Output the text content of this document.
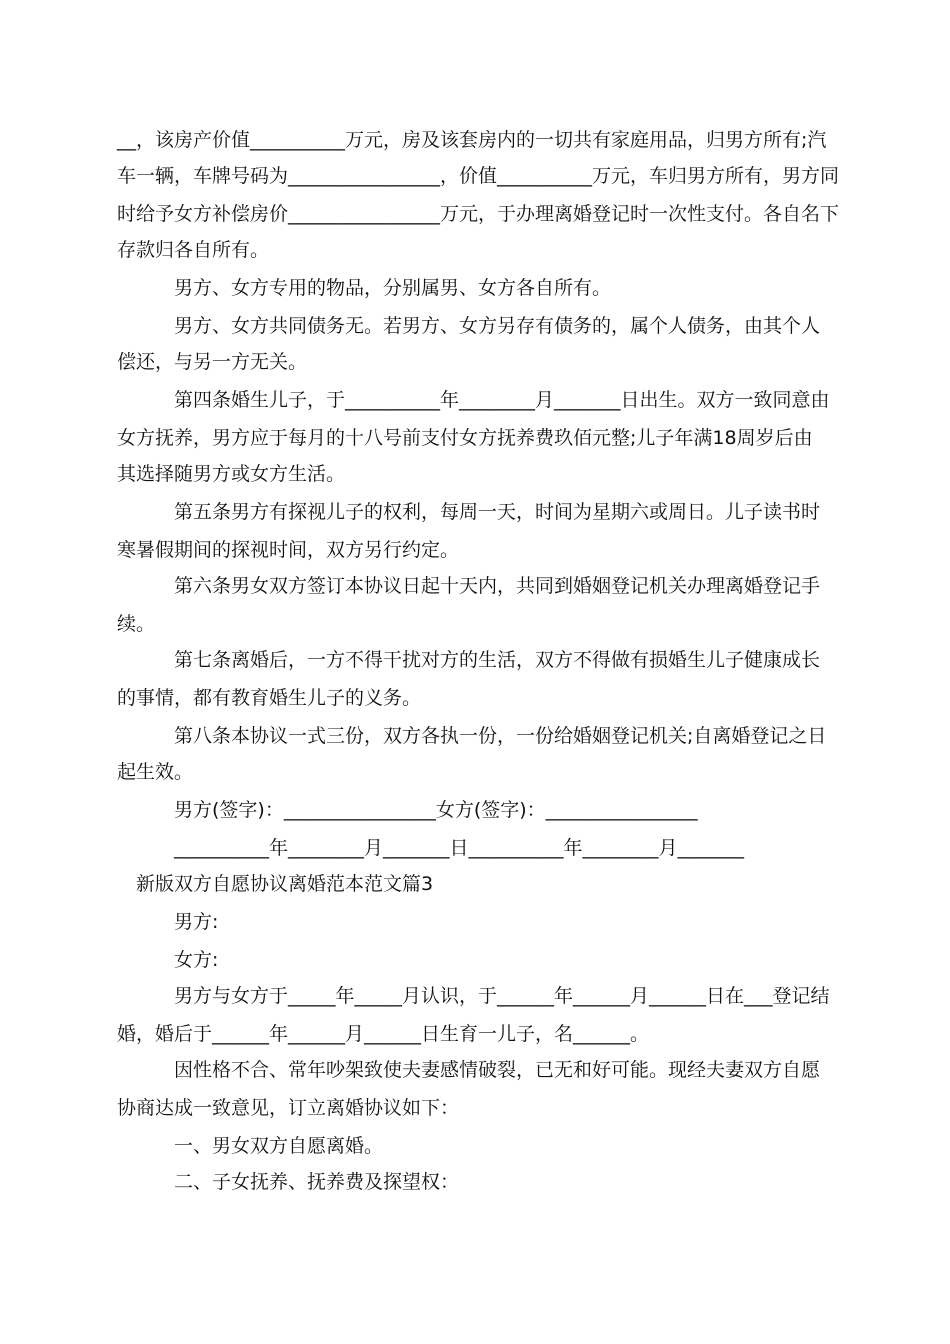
__，该房产价值__________万元，房及该套房内的一切共有家庭用品，归男方所有;汽
车一辆，车牌号码为________________，价值__________万元，车归男方所有，男方同
时给予女方补偿房价________________万元，于办理离婚登记时一次性支付。各自名下
存款归各自所有。
男方、女方专用的物品，分别属男、女方各自所有。
男方、女方共同债务无。若男方、女方另存有债务的，属个人债务，由其个人
偿还，与另一方无关。
第四条婚生儿子，于__________年________月_______日出生。双方一致同意由
女方抚养，男方应于每月的十八号前支付女方抚养费玖佰元整;儿子年满18周岁后由
其选择随男方或女方生活。
第五条男方有探视儿子的权利，每周一天，时间为星期六或周日。儿子读书时
寒暑假期间的探视时间，双方另行约定。
第六条男女双方签订本协议日起十天内，共同到婚姻登记机关办理离婚登记手
续。
第七条离婚后，一方不得干扰对方的生活，双方不得做有损婚生儿子健康成长
的事情，都有教育婚生儿子的义务。
第八条本协议一式三份，双方各执一份，一份给婚姻登记机关;自离婚登记之日
起生效。
男方(签字)：________________女方(签字)：________________
__________年________月_______日__________年________月_______
新版双方自愿协议离婚范本范文篇3
男方:
女方:
男方与女方于_____年_____月认识，于______年______月______日在___登记结
婚，婚后于______年______月______日生育一儿子，名______。
因性格不合、常年吵架致使夫妻感情破裂，已无和好可能。现经夫妻双方自愿
协商达成一致意见，订立离婚协议如下：
一、男女双方自愿离婚。
二、子女抚养、抚养费及探望权：
